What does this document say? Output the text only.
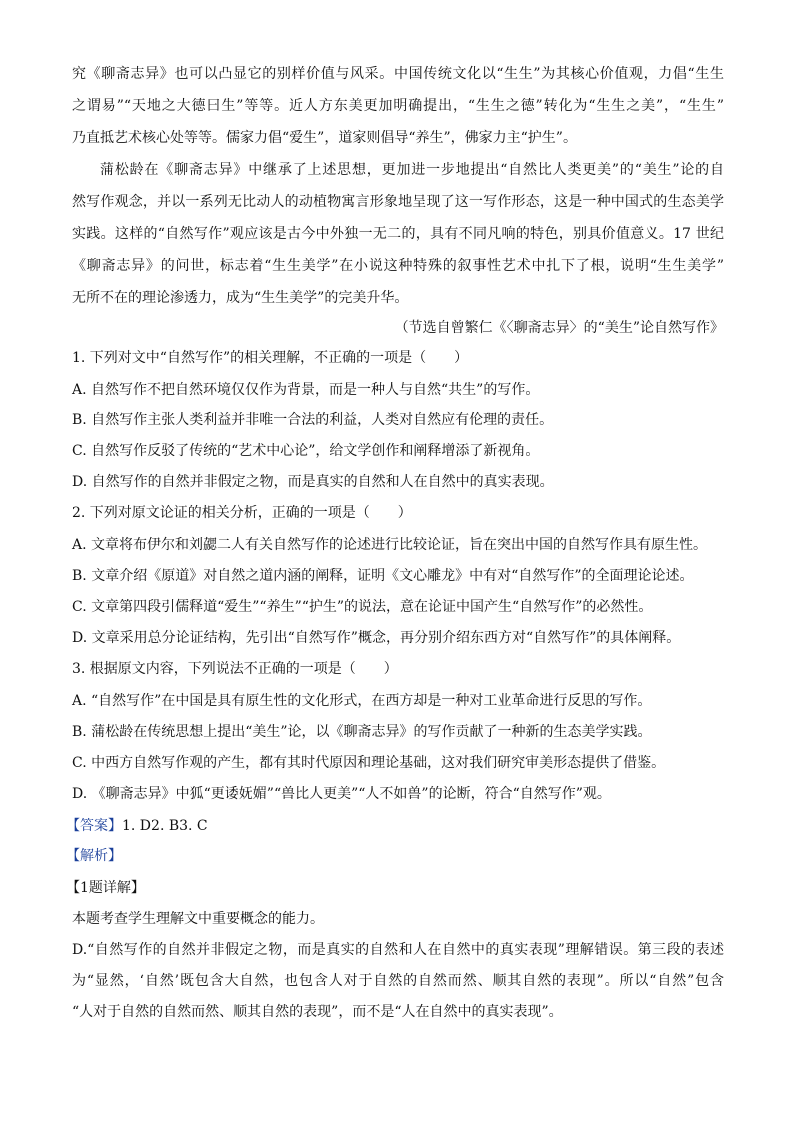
究《聊斋志异》也可以凸显它的别样价值与风采。中国传统文化以“生生”为其核心价值观，力倡“生生
之谓易”“天地之大德曰生”等等。近人方东美更加明确提出，“生生之德”转化为“生生之美”，“生生”
乃直抵艺术核心处等等。儒家力倡“爱生”，道家则倡导“养生”，佛家力主“护生”。
蒲松龄在《聊斋志异》中继承了上述思想，更加进一步地提出“自然比人类更美”的“美生”论的自
然写作观念，并以一系列无比动人的动植物寓言形象地呈现了这一写作形态，这是一种中国式的生态美学
实践。这样的“自然写作”观应该是古今中外独一无二的，具有不同凡响的特色，别具价值意义。17 世纪
《聊斋志异》的问世，标志着“生生美学”在小说这种特殊的叙事性艺术中扎下了根，说明“生生美学”
无所不在的理论渗透力，成为“生生美学”的完美升华。
（节选自曾繁仁《〈聊斋志异〉的“美生”论自然写作》
1. 下列对文中“自然写作”的相关理解，不正确的一项是（　　）
A. 自然写作不把自然环境仅仅作为背景，而是一种人与自然“共生”的写作。
B. 自然写作主张人类利益并非唯一合法的利益，人类对自然应有伦理的责任。
C. 自然写作反驳了传统的“艺术中心论”，给文学创作和阐释增添了新视角。
D. 自然写作的自然并非假定之物，而是真实的自然和人在自然中的真实表现。
2. 下列对原文论证的相关分析，正确的一项是（　　）
A. 文章将布伊尔和刘勰二人有关自然写作的论述进行比较论证，旨在突出中国的自然写作具有原生性。
B. 文章介绍《原道》对自然之道内涵的阐释，证明《文心雕龙》中有对“自然写作”的全面理论论述。
C. 文章第四段引儒释道“爱生”“养生”“护生”的说法，意在论证中国产生“自然写作”的必然性。
D. 文章采用总分论证结构，先引出“自然写作”概念，再分别介绍东西方对“自然写作”的具体阐释。
3. 根据原文内容，下列说法不正确的一项是（　　）
A. “自然写作”在中国是具有原生性的文化形式，在西方却是一种对工业革命进行反思的写作。
B. 蒲松龄在传统思想上提出“美生”论，以《聊斋志异》的写作贡献了一种新的生态美学实践。
C. 中西方自然写作观的产生，都有其时代原因和理论基础，这对我们研究审美形态提供了借鉴。
D. 《聊斋志异》中狐“更诿妩媚”“兽比人更美”“人不如兽”的论断，符合“自然写作”观。
【答案】1. D2. B3. C
【解析】
【1题详解】
本题考查学生理解文中重要概念的能力。
D.“自然写作的自然并非假定之物，而是真实的自然和人在自然中的真实表现”理解错误。第三段的表述
为“显然，‘自然’既包含大自然，也包含人对于自然的自然而然、顺其自然的表现”。所以“自然”包含
“人对于自然的自然而然、顺其自然的表现”，而不是“人在自然中的真实表现”。
